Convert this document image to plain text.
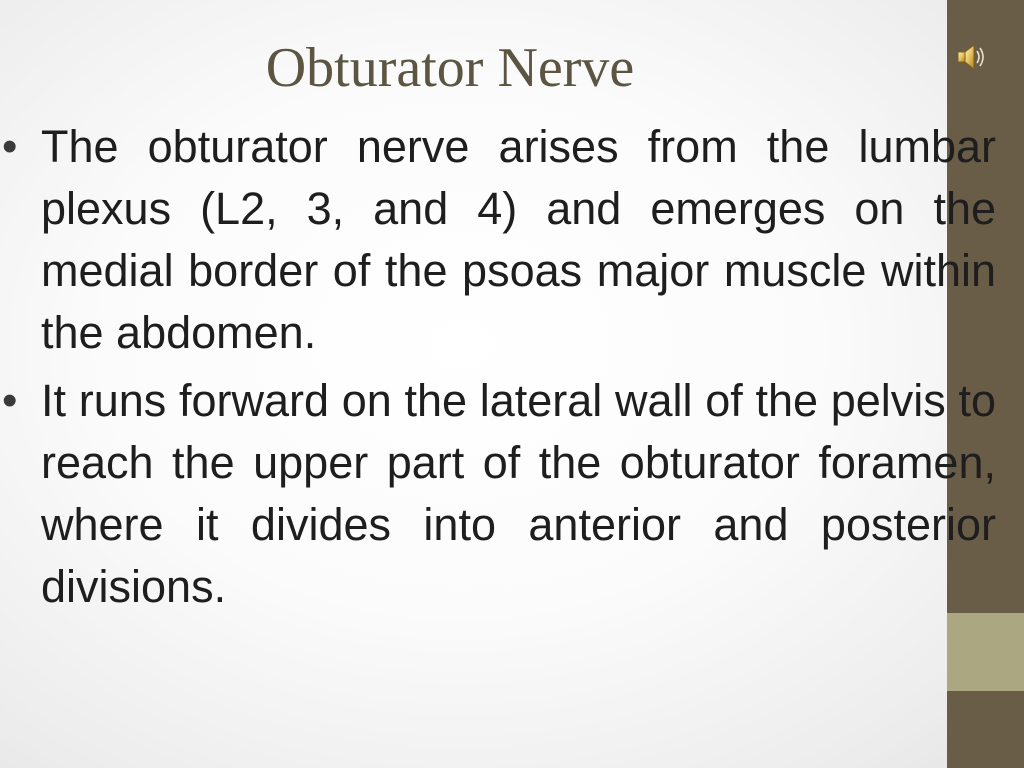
Obturator Nerve
• The obturator nerve arises from the lumbar plexus (L2, 3, and 4) and emerges on the medial border of the psoas major muscle within the abdomen.
• It runs forward on the lateral wall of the pelvis to reach the upper part of the obturator foramen, where it divides into anterior and posterior divisions.
